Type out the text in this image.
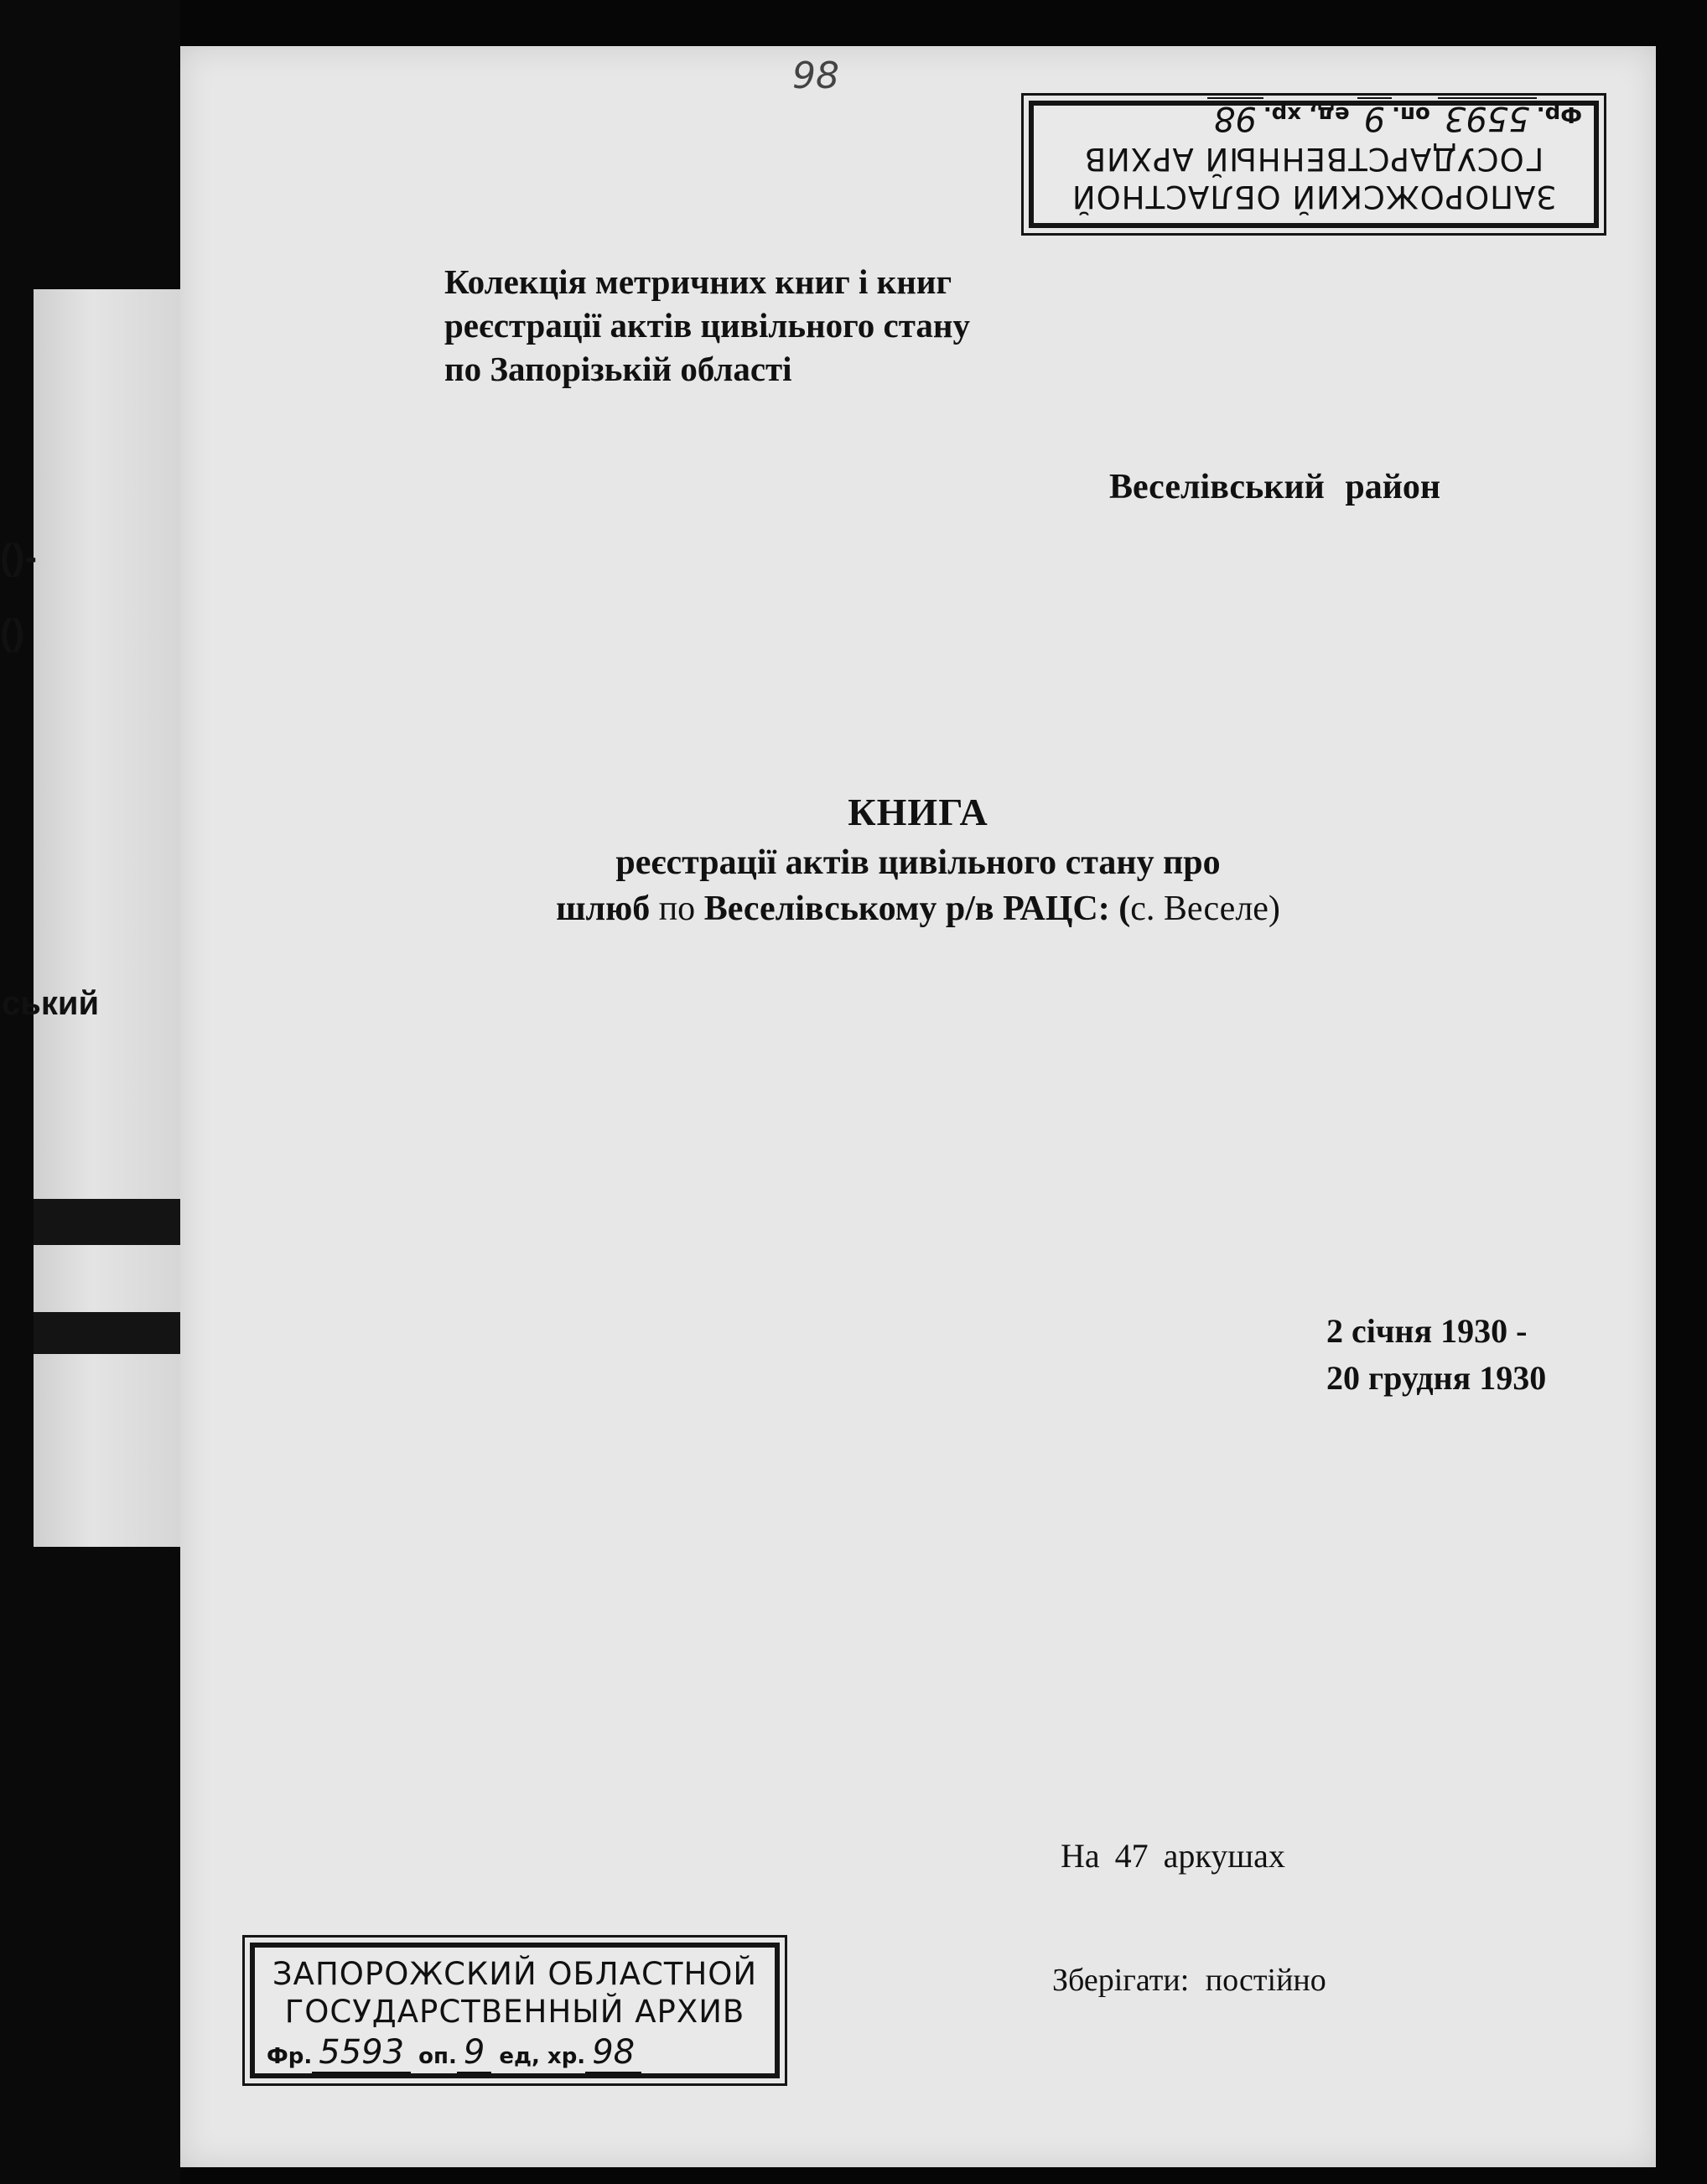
()-
()
ський
98
ЗАПОРОЖСКИЙ ОБЛАСТНОЙ
ГОСУДАРСТВЕННЫЙ АРХИВ
Фр.5593 оп.9 ед, хр.98
Колекція метричних книг і книг
реєстрації актів цивільного стану
по Запорізькій області
Веселівський район
КНИГА
реєстрації актів цивільного стану про
шлюб по Веселівському р/в РАЦС: (с. Веселе)
2 січня 1930 -
20 грудня 1930
На 47 аркушах
Зберігати: постійно
ЗАПОРОЖСКИЙ ОБЛАСТНОЙ
ГОСУДАРСТВЕННЫЙ АРХИВ
Фр. 5593 оп. 9 ед, хр. 98
